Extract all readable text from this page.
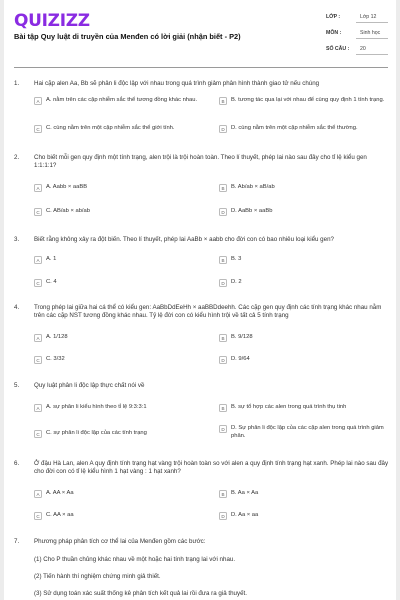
QUIZIZZ
Bài tập Quy luật di truyền của Menđen có lời giải (nhận biết - P2)
LỚP :	Lớp 12
MÔN :	Sinh học
SỐ CÂU : 20
1. Hai cặp alen Aa, Bb sẽ phân li độc lập với nhau trong quá trình giảm phân hình thành giao tử nếu chúng
A	A. nằm trên các cặp nhiễm sắc thể tương đồng khác nhau.	B	B. tương tác qua lại với nhau để cùng quy định 1 tính trạng.
C	C. cùng nằm trên một cặp nhiễm sắc thể giới tính.	D	D. cùng nằm trên một cặp nhiễm sắc thể thường.
2. Cho biết mỗi gen quy định một tính trạng, alen trội là trội hoàn toàn. Theo lí thuyết, phép lai nào sau đây cho tỉ lệ kiểu gen 1:1:1:1?
A	A. Aabb × aaBB	B	B. Ab/ab × aB/ab
C	C. AB/ab × ab/ab	D	D. AaBb × aaBb
3. Biết rằng không xảy ra đột biến. Theo lí thuyết, phép lai AaBb × aabb cho đời con có bao nhiêu loại kiểu gen?
A	A. 1	B	B. 3
C	C. 4	D	D. 2
4. Trong phép lai giữa hai cá thể có kiểu gen: AaBbDdEeHh × aaBBDdeehh. Các cặp gen quy định các tính trạng khác nhau nằm trên các cặp NST tương đồng khác nhau. Tỷ lệ đời con có kiểu hình trội về tất cả 5 tính trạng
A	A. 1/128	B	B. 9/128
C	C. 3/32	D	D. 9/64
5. Quy luật phân li độc lập thực chất nói về
A	A. sự phân li kiểu hình theo tỉ lệ 9:3:3:1	B	B. sự tổ hợp các alen trong quá trình thụ tinh
C	C. sự phân li độc lập của các tính trạng
D	D. Sự phân li độc lập của các cặp alen trong quá trình giảm phân.
6. Ở đậu Hà Lan, alen A quy định tính trạng hạt vàng trội hoàn toàn so với alen a quy định tính trạng hạt xanh. Phép lai nào sau đây cho đời con có tỉ lệ kiểu hình 1 hạt vàng : 1 hạt xanh?
A	A. AA × Aa	B	B. Aa × Aa
C	C. AA × aa	D	D. Aa × aa
7. Phương pháp phân tích cơ thể lai của Menđen gồm các bước:
(1) Cho P thuần chủng khác nhau về một hoặc hai tính trạng lai với nhau.
(2) Tiến hành thí nghiệm chứng minh giả thiết.
(3) Sử dụng toán xác suất thống kê phân tích kết quả lai rồi đưa ra giả thuyết.
